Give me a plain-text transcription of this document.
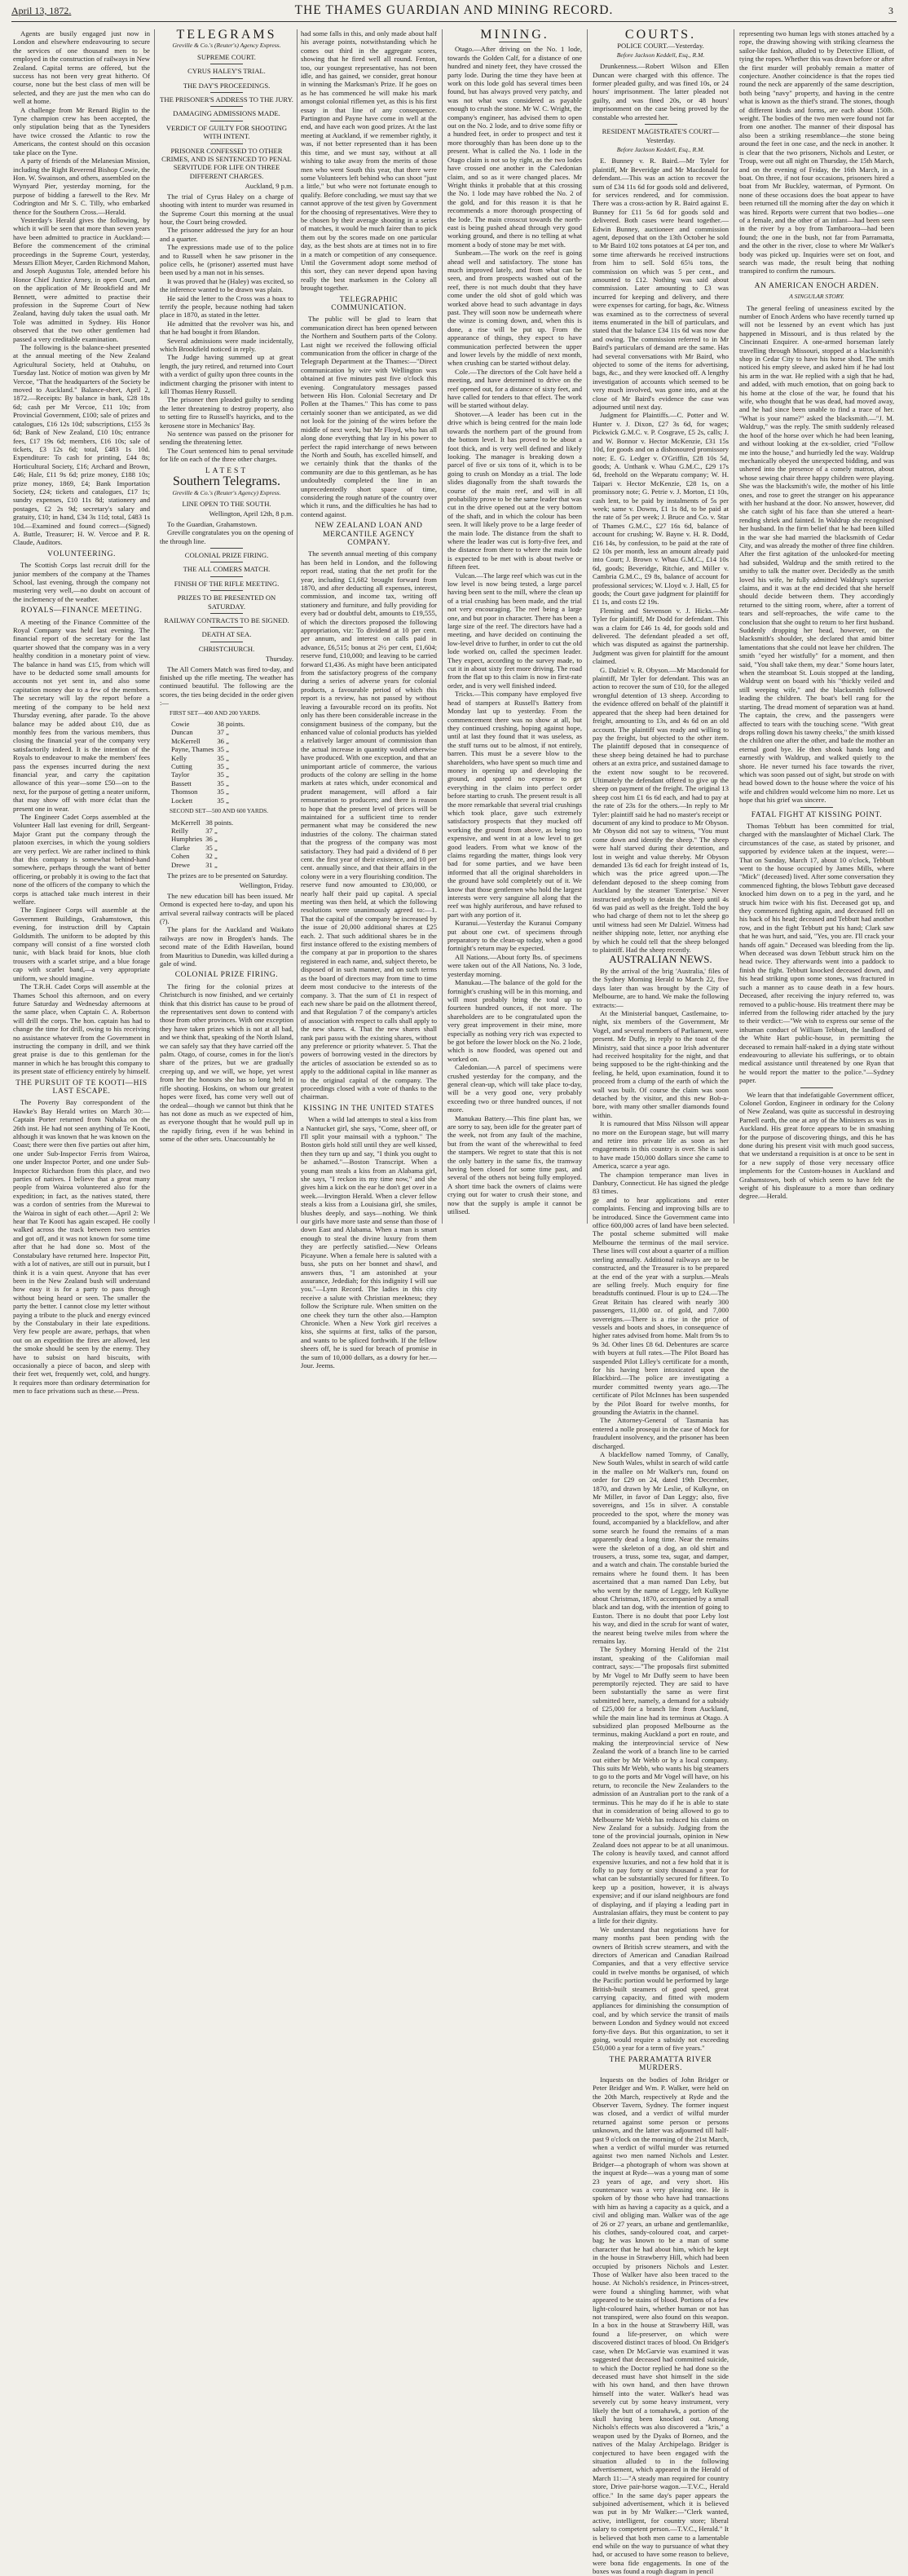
April 13, 1872.	THE THAMES GUARDIAN AND MINING RECORD.	3

Agents are busily engaged just now in London and elsewhere endeavouring to secure the services of one thousand men to be employed in the construction of railways in New Zealand. Capital terms are offered, but the success has not been very great hitherto. Of course, none but the best class of men will be selected, and they are just the men who can do well at home.

A challenge from Mr Renard Biglin to the Tyne champion crew has been accepted, the only stipulation being that as the Tynesiders have twice crossed the Atlantic to row the Americans, the contest should on this occasion take place on the Tyne.

A party of friends of the Melanesian Mission, including the Right Reverend Bishop Cowie, the Hon. W. Swainson, and others, assembled on the Wynyard Pier, yesterday morning, for the purpose of bidding a farewell to the Rev. Mr Codrington and Mr S. C. Tilly, who embarked thence for the Southern Cross.—Herald.

Yesterday's Herald gives the following, by which it will be seen that more than seven years have been admitted to practice in Auckland:—Before the commencement of the criminal proceedings in the Supreme Court, yesterday, Messrs Elliott Meyer, Carden Richmond Mahon, and Joseph Augustus Tole, attended before his Honor Chief Justice Arney, in open Court, and on the application of Mr Brookfield and Mr Bennett, were admitted to practise their profession in the Supreme Court of New Zealand, having duly taken the usual oath. Mr Tole was admitted in Sydney. His Honor observed that the two other gentlemen had passed a very creditable examination.

The following is the balance-sheet presented at the annual meeting of the New Zealand Agricultural Society, held at Otahuhu, on Tuesday last. Notice of motion was given by Mr Vercoe, "That the headquarters of the Society be moved to Auckland." Balance-sheet, April 2, 1872.—Receipts: By balance in bank, £28 18s 6d; cash per Mr Vercoe, £11 10s; from Provincial Government, £100; sale of prizes and catalogues, £16 12s 10d; subscriptions, £155 3s 6d; Bank of New Zealand, £10 10s; entrance fees, £17 19s 6d; members, £16 10s; sale of tickets, £3 12s 6d; total, £483 1s 10d. Expenditure: To cash for printing, £44 8s; Horticultural Society, £16; Archard and Brown, £46; Hale, £11 9s 6d; prize money, £188 10s; prize money, 1869, £4; Bank Importation Society, £24; tickets and catalogues, £17 1s; sundry expenses, £10 11s 8d; stationery and postages, £2 2s 9d; secretary's salary and gratuity, £10; in hand, £34 3s 11d; total, £483 1s 10d.—Examined and found correct—(Signed) A. Buttle, Treasurer; H. W. Vercoe and P. R. Claude, Auditors.

VOLUNTEERING.

The Scottish Corps last recruit drill for the junior members of the company at the Thames School, last evening, through the company not mustering very well,—no doubt on account of the inclemency of the weather.

ROYALS—FINANCE MEETING.

A meeting of the Finance Committee of the Royal Company was held last evening. The financial report of the secretary for the last quarter showed that the company was in a very healthy condition in a monetary point of view. The balance in hand was £15, from which will have to be deducted some small amounts for accounts not yet sent in, and also some capitation money due to a few of the members. The secretary will lay the report before a meeting of the company to be held next Thursday evening, after parade. To the above balance may be added about £10, due as monthly fees from the various members, thus closing the financial year of the company very satisfactorily indeed. It is the intention of the Royals to endeavour to make the members' fees pass the expenses incurred during the next financial year, and carry the capitation allowance of this year—some £50—on to the next, for the purpose of getting a neater uniform, that may show off with more éclat than the present one in wear.

The Engineer Cadet Corps assembled at the Volunteer Hall last evening for drill, Sergeant-Major Grant put the company through the platoon exercises, in which the young soldiers are very perfect. We are rather inclined to think that this company is somewhat behind-hand somewhere, perhaps through the want of better officering, or probably it is owing to the fact that none of the officers of the company to which the corps is attached take much interest in their welfare.

The Engineer Corps will assemble at the Government Buildings, Grahamstown, this evening, for instruction drill by Captain Goldsmith. The uniform to be adopted by this company will consist of a fine worsted cloth tunic, with black braid for knots, blue cloth trousers with a scarlet stripe, and a blue forage cap with scarlet band,—a very appropriate uniform, we should imagine.

The T.R.H. Cadet Corps will assemble at the Thames School this afternoon, and on every future Saturday and Wednesday afternoons at the same place, when Captain C. A. Robertson will drill the corps. The hon. captain has had to change the time for drill, owing to his receiving no assistance whatever from the Government in instructing the company in drill, and we think great praise is due to this gentleman for the manner in which he has brought this company to its present state of efficiency entirely by himself.

THE PURSUIT OF TE KOOTI—HIS LAST ESCAPE.

The Poverty Bay correspondent of the Hawke's Bay Herald writes on March 30:—Captain Porter returned from Nuhaka on the 26th inst. He had not seen anything of Te Kooti, although it was known that he was known on the Coast; there were then five parties out after him, one under Sub-Inspector Ferris from Wairoa, one under Inspector Porter, and one under Sub-Inspector Richardson from this place, and two parties of natives. I believe that a great many people from Wairoa volunteered also for the expedition; in fact, as the natives stated, there was a cordon of sentries from the Murewai to the Wairoa in sight of each other.—April 2: We hear that Te Kooti has again escaped. He coolly walked across the track between two sentries and got off, and it was not known for some time after that he had done so. Most of the Constabulary have returned here. Inspector Pitt, with a lot of natives, are still out in pursuit, but I think it is a vain quest. Anyone that has ever been in the New Zealand bush will understand how easy it is for a party to pass through without being heard or seen. The smaller the party the better. I cannot close my letter without paying a tribute to the pluck and energy evinced by the Constabulary in their late expeditions. Very few people are aware, perhaps, that when out on an expedition the fires are allowed, lest the smoke should be seen by the enemy. They have to subsist on hard biscuits, with occasionally a piece of bacon, and sleep with their feet wet, frequently wet, cold, and hungry. It requires more than ordinary determination for men to face privations such as these.—Press.

TELEGRAMS
Greville & Co.'s (Reuter's) Agency Express.
SUPREME COURT.
CYRUS HALEY'S TRIAL.
THE DAY'S PROCEEDINGS.
THE PRISONER'S ADDRESS TO THE JURY.
DAMAGING ADMISSIONS MADE.
VERDICT OF GUILTY FOR SHOOTING WITH INTENT.
PRISONER CONFESSED TO OTHER CRIMES, AND IS SENTENCED TO PENAL SERVITUDE FOR LIFE ON THREE DIFFERENT CHARGES.
Auckland, 9 p.m.

The trial of Cyrus Haley on a charge of shooting with intent to murder was resumed in the Supreme Court this morning at the usual hour, the Court being crowded.

The prisoner addressed the jury for an hour and a quarter.

The expressions made use of to the police and to Russell when he saw prisoner in the police cells, he (prisoner) asserted must have been used by a man not in his senses.

It was proved that he (Haley) was excited, so the inference wanted to be drawn was plain.

He said the letter to the Cross was a hoax to terrify the people, because nothing had taken place in 1870, as stated in the letter.

He admitted that the revolver was his, and that he had bought it from Blandon.

Several admissions were made incidentally, which Brookfield noticed in reply.

The Judge having summed up at great length, the jury retired, and returned into Court with a verdict of guilty upon three counts in the indictment charging the prisoner with intent to kill Thomas Henry Russell.

The prisoner then pleaded guilty to sending the letter threatening to destroy property, also to setting fire to Russell's hayricks, and to the kerosene store in Mechanics' Bay.

No sentence was passed on the prisoner for sending the threatening letter.

The Court sentenced him to penal servitude for life on each of the three other charges.

LATEST
Southern Telegrams.
Greville & Co.'s (Reuter's Agency) Express.
LINE OPEN TO THE SOUTH.
Wellington, April 12th, 8 p.m.

To the Guardian, Grahamstown.

Greville congratulates you on the opening of the through line.

COLONIAL PRIZE FIRING.
THE ALL COMERS MATCH.
FINISH OF THE RIFLE MEETING.
PRIZES TO BE PRESENTED ON SATURDAY.
RAILWAY CONTRACTS TO BE SIGNED.
DEATH AT SEA.
CHRISTCHURCH.
Thursday.

The All Comers Match was fired to-day, and finished up the rifle meeting. The weather has continued beautiful. The following are the scores, the ties being decided in the order given :—

FIRST SET—400 AND 200 YARDS.
Cowie	38 points.
Duncan	37 „
McKerrell	36 „
Payne, Thames	35 „
Kelly	35 „
Cutting	35 „
Taylor	35 „
Bassett	35 „
Thomson	35 „
Lockett	35 „
SECOND SET—500 AND 600 YARDS.
McKerrell	38 points.
Reilly	37 „
Humphries	36 „
Clarke	35 „
Cohen	32 „
Drewe	31 „

The prizes are to be presented on Saturday.

Wellington, Friday.

The new education bill has been issued. Mr Ormond is expected here to-day, and upon his arrival several railway contracts will be placed (?).

The plans for the Auckland and Waikato railways are now in Brogden's hands. The second mate of the Edith Haweilan, bound from Mauritius to Dunedin, was killed during a gale of wind.

COLONIAL PRIZE FIRING.

The firing for the colonial prizes at Christchurch is now finished, and we certainly think that this district has cause to be proud of the representatives sent down to contend with those from other provinces. With one exception they have taken prizes which is not at all bad, and we think that, speaking of the North Island, we can safely say that they have carried off the palm. Otago, of course, comes in for the lion's share of the prizes, but we are gradually creeping up, and we will, we hope, yet wrest from her the honours she has so long held in rifle shooting. Hoskins, on whom our greatest hopes were fixed, has come very well out of the ordeal—though we cannot but think that he has not done as much as we expected of him, as everyone thought that he would pull up in the rapidly firing, even if he was behind in some of the other sets. Unaccountably he

had some falls in this, and only made about half his average points, notwithstanding which he comes out third in the aggregate scores, showing that he fired well all round. Fenton, too, our youngest representative, has not been idle, and has gained, we consider, great honour in winning the Marksman's Prize. If he goes on as he has commenced he will make his mark amongst colonial riflemen yet, as this is his first essay in that line of any consequence. Partington and Payne have come in well at the end, and have each won good prizes. At the last meeting at Auckland, if we remember rightly, it was, if not better represented than it has been this time, and we must say, without at all wishing to take away from the merits of those men who went South this year, that there were some Volunteers left behind who can shoot "just a little," but who were not fortunate enough to qualify. Before concluding, we must say that we cannot approve of the test given by Government for the choosing of representatives. Were they to be chosen by their average shooting in a series of matches, it would be much fairer than to pick them out by the scores made on one particular day, as the best shots are at times not in to fire in a match or competition of any consequence. Until the Government adopt some method of this sort, they can never depend upon having really the best marksmen in the Colony all brought together.

TELEGRAPHIC COMMUNICATION.

The public will be glad to learn that communication direct has been opened between the Northern and Southern parts of the Colony. Last night we received the following official communication from the officer in charge of the Telegraph Department at the Thames:—"Direct communication by wire with Wellington was obtained at five minutes past five o'clock this evening. Congratulatory messages passed between His Hon. Colonial Secretary and Dr Pollen at the Thames." This has come to pass certainly sooner than we anticipated, as we did not look for the joining of the wires before the middle of next week, but Mr Floyd, who has all along done everything that lay in his power to perfect the rapid interchange of news between the North and South, has excelled himself, and we certainly think that the thanks of the community are due to this gentleman, as he has undoubtedly completed the line in an unprecedentedly short space of time, considering the rough nature of the country over which it runs, and the difficulties he has had to contend against.

NEW ZEALAND LOAN AND MERCANTILE AGENCY COMPANY.

The seventh annual meeting of this company has been held in London, and the following report read, stating that the net profit for the year, including £1,682 brought forward from 1870, and after deducting all expenses, interest, commission, and income tax, writing off stationery and furniture, and fully providing for every bad or doubtful debt, amounts to £19,555, of which the directors proposed the following appropriation, viz: To dividend at 10 per cent. per annum, and interest on calls paid in advance, £6,515; bonus at 2½ per cent, £1,604; reserve fund, £10,000; and leaving to be carried forward £1,436. As might have been anticipated from the satisfactory progress of the company during a series of adverse years for colonial products, a favourable period of which this report is a review, has not passed by without leaving a favourable record on its profits. Not only has there been considerable increase in the consignment business of the company, but the enhanced value of colonial products has yielded a relatively larger amount of commission than the actual increase in quantity would otherwise have produced. With one exception, and that an unimportant article of commerce, the various products of the colony are selling in the home markets at rates which, under economical and prudent management, will afford a fair remuneration to producers; and there is reason to hope that the present level of prices will be maintained for a sufficient time to render permanent what may be considered the new industries of the colony. The chairman stated that the progress of the company was most satisfactory. They had paid a dividend of 8 per cent. the first year of their existence, and 10 per cent. annually since, and that their affairs in the colony were in a very flourishing condition. The reserve fund now amounted to £30,000, or nearly half their paid up capital. A special meeting was then held, at which the following resolutions were unanimously agreed to:—1. That the capital of the company be increased by the issue of 20,000 additional shares at £25 each. 2. That such additional shares be in the first instance offered to the existing members of the company at par in proportion to the shares registered in each name, and, subject thereto, be disposed of in such manner, and on such terms as the board of directors may from time to time deem most conducive to the interests of the company. 3. That the sum of £1 in respect of each new share be paid on the allotment thereof, and that Regulation 7 of the company's articles of association with respect to calls shall apply to the new shares. 4. That the new shares shall rank pari passu with the existing shares, without any preference or priority whatever. 5. That the powers of borrowing vested in the directors by the articles of association be extended so as to apply to the additional capital in like manner as to the original capital of the company. The proceedings closed with a vote of thanks to the chairman.

KISSING IN THE UNITED STATES

When a wild lad attempts to steal a kiss from a Nantucket girl, she says, "Come, sheer off, or I'll split your mainsail with a typhoon." The Boston girls hold still until they are well kissed, then they turn up and say, "I think you ought to be ashamed."—Boston Transcript. When a young man steals a kiss from an Alabama girl, she says, "I reckon its my time now," and she gives him a kick on the ear he don't get over in a week.—Irvington Herald. When a clever fellow steals a kiss from a Louisiana girl, she smiles, blushes deeply, and says—nothing. We think our girls have more taste and sense than those of down East and Alabama. When a man is smart enough to steal the divine luxury from them they are perfectly satisfied.—New Orleans Picayune. When a female here is saluted with a buss, she puts on her bonnet and shawl, and answers thus, "I am astonished at your assurance, Jedediah; for this indignity I will sue you."—Lynn Record. The ladies in this city receive a salute with Christian meekness; they follow the Scripture rule. When smitten on the one cheek they turn the other also.—Hampton Chronicle. When a New York girl receives a kiss, she squirms at first, talks of the parson, and wants to be spliced forthwith. If the fellow sheers off, he is sued for breach of promise in the sum of 10,000 dollars, as a dowry for her.—Jour. Jeems.

MINING.

Otago.—After driving on the No. 1 lode, towards the Golden Calf, for a distance of one hundred and ninety feet, they have crossed the party lode. During the time they have been at work on this lode gold has several times been found, but has always proved very patchy, and was not what was considered as payable enough to crush the stone. Mr W. C. Wright, the company's engineer, has advised them to open out on the No. 2 lode, and to drive some fifty or a hundred feet, in order to prospect and test it more thoroughly than has been done up to the present. What is called the No. 1 lode in the Otago claim is not so by right, as the two lodes have crossed one another in the Caledonian claim, and so as it were changed places. Mr Wright thinks it probable that at this crossing the No. 1 lode may have robbed the No. 2 of the gold, and for this reason it is that he recommends a more thorough prospecting of the lode. The main crosscut towards the north-east is being pushed ahead through very good working ground, and there is no telling at what moment a body of stone may be met with.

Sunbeam.—The work on the reef is going ahead well and satisfactory. The stone has much improved lately, and from what can be seen, and from prospects washed out of the reef, there is not much doubt that they have come under the old shot of gold which was worked above head to such advantage in days past. They will soon now be underneath where the winze is coming down, and, when this is done, a rise will be put up. From the appearance of things, they expect to have communication perfected between the upper and lower levels by the middle of next month, when crushing can be started without delay.

Cole.—The directors of the Colt have held a meeting, and have determined to drive on the reef opened out, for a distance of sixty feet, and have called for tenders to that effect. The work will be started without delay.

Shotover.—A leader has been cut in the drive which is being centred for the main lode towards the northern part of the ground from the bottom level. It has proved to be about a foot thick, and is very well defined and likely looking. The manager is breaking down a parcel of five or six tons of it, which is to be going to crush on Monday as a trial. The lode slides diagonally from the shaft towards the course of the main reef, and will in all probability prove to be the same leader that was cut in the drive opened out at the very bottom of the shaft, and in which the colour has been seen. It will likely prove to be a large feeder of the main lode. The distance from the shaft to where the leader was cut is forty-five feet, and the distance from there to where the main lode is expected to be met with is about twelve or fifteen feet.

Vulcan.—The large reef which was cut in the low level is now being tested, a large parcel having been sent to the mill, where the clean up of a trial crushing has been made, and the trial not very encouraging. The reef being a large one, and but poor in character. There has been a large size of the reef. The directors have had a meeting, and have decided on continuing the low-level drive to further, in order to cut the old lode worked on, called the specimen leader. They expect, according to the survey made, to cut it in about sixty feet more driving. The road from the flat up to this claim is now in first-rate order, and is very well finished indeed.

Tricks.—This company have employed five head of stampers at Russell's Battery from Monday last up to yesterday. From the commencement there was no show at all, but they continued crushing, hoping against hope, until at last they found that it was useless, as the stuff turns out to be almost, if not entirely, barren. This must be a severe blow to the shareholders, who have spent so much time and money in opening up and developing the ground, and spared no expense to get everything in the claim into perfect order before starting to crush. The present result is all the more remarkable that several trial crushings which took place, gave such extremely satisfactory prospects that they mucked off working the ground from above, as being too expensive, and went in at a low level to get good leaders. From what we know of the claims regarding the matter, things look very bad for some parties, and we have been informed that all the original shareholders in the ground have sold completely out of it. We know that those gentlemen who hold the largest interests were very sanguine all along that the reef was highly auriferous, and have refused to part with any portion of it.

Kuranui.—Yesterday the Kuranui Company put about one cwt. of specimens through preparatory to the clean-up today, when a good fortnight's return may be expected.

All Nations.—About forty lbs. of specimens were taken out of the All Nations, No. 3 lode, yesterday morning.

Manukau.—The balance of the gold for the fortnight's crushing will be in this morning, and will most probably bring the total up to fourteen hundred ounces, if not more. The shareholders are to be congratulated upon the very great improvement in their mine, more especially as nothing very rich was expected to be got before the lower block on the No. 2 lode, which is now flooded, was opened out and worked on.

Caledonian.—A parcel of specimens were crushed yesterday for the company, and the general clean-up, which will take place to-day, will be a very good one, very probably exceeding two or three hundred ounces, if not more.

Manukau Battery.—This fine plant has, we are sorry to say, been idle for the greater part of the week, not from any fault of the machine, but from the want of the wherewithal to feed the stampers. We regret to state that this is not the only battery in the same fix, the tramway having been closed for some time past, and several of the others not being fully employed. A short time back the owners of claims were crying out for water to crush their stone, and now that the supply is ample it cannot be utilised.

COURTS.
POLICE COURT.—Yesterday.
Before Jackson Keddell, Esq., R.M.

Drunkenness.—Robert Wilson and Ellen Duncan were charged with this offence. The former pleaded guilty, and was fined 10s, or 24 hours' imprisonment. The latter pleaded not guilty, and was fined 20s, or 48 hours' imprisonment on the case being proved by the constable who arrested her.

RESIDENT MAGISTRATE'S COURT—
Yesterday.
Before Jackson Keddell, Esq., R.M.

E. Bunney v. R. Baird.—Mr Tyler for plaintiff, Mr Beveridge and Mr Macdonald for defendant.—This was an action to recover the sum of £34 11s 6d for goods sold and delivered, for services rendered, and for commission. There was a cross-action by R. Baird against E. Bunney for £11 5s 6d for goods sold and delivered. Both cases were heard together.—Edwin Bunney, auctioneer and commission agent, deposed that on the 13th October he sold to Mr Baird 102 tons potatoes at £4 per ton, and some time afterwards he received instructions from him to sell. Sold 65¾ tons, the commission on which was 5 per cent., and amounted to £12. Nothing was said about commission. Later amounting to £3 was incurred for keeping and delivery, and there were expenses for carting, for bags, &c. Witness was examined as to the correctness of several items enumerated in the bill of particulars, and stated that the balance £34 11s 6d was now due and owing. The commission referred to in Mr Baird's particulars of demand are the same. Has had several conversations with Mr Baird, who objected to some of the items for advertising, bags, &c., and they were knocked off. A lengthy investigation of accounts which seemed to be very much involved, was gone into, and at the close of Mr Baird's evidence the case was adjourned until next day.

Judgment for Plaintiffs.—C. Potter and W. Hunter v. J. Dixon, £27 3s 6d, for wages; Pickwick G.M.C. v. P. Cosgrave, £5 2s, calls; J. and W. Bonnor v. Hector McKenzie, £31 15s 10d, for goods and on a dishonoured promissory note; E. G. Ledger v. O'Griffin, £28 10s 5d, goods; A. Unthank v. Whau G.M.C., £29 17s 6d, freehold on the Weparatu company; W. H. Taipari v. Hector McKenzie, £28 1s, on a promissory note; G. Petrie v. J. Morton, £1 10s, cash lent, to be paid by instalments of 5s per week; same v. Downs, £1 1s 8d, to be paid at the rate of 5s per week; J. Bruce and Co. v. Star of Thames G.M.C., £27 16s 6d, balance of account for crushing; W. Bayne v. H. R. Dodd, £16 14s, by confession, to be paid at the rate of £2 10s per month, less an amount already paid into Court; J. Brown v. Whau G.M.C., £14 10s 6d, goods; Beveridge, Ritchie, and Miller v. Cambria G.M.C., £9 8s, balance of account for professional services; W. Lloyd v. J. Hall, £5 for goods; the Court gave judgment for plaintiff for £1 1s, and costs £2 19s.

Fleming and Stevenson v. J. Hicks.—Mr Tyler for plaintiff, Mr Dodd for defendant. This was a claim for £46 1s 4d, for goods sold and delivered. The defendant pleaded a set off, which was disputed as against the partnership. Judgment was given for plaintiff for the amount claimed.

G. Dalziel v. R. Obyson.—Mr Macdonald for plaintiff, Mr Tyler for defendant. This was an action to recover the sum of £10, for the alleged wrongful detention of 13 sheep. According to the evidence offered on behalf of the plaintiff it appeared that the sheep had been detained for freight, amounting to 13s, and 4s 6d on an old account. The plaintiff was ready and willing to pay the freight, but objected to the other item. The plaintiff deposed that in consequence of these sheep being detained he had to purchase others at an extra price, and sustained damage to the extent now sought to be recovered. Ultimately the defendant offered to give up the sheep on payment of the freight. The original 13 sheep cost him £1 6s 6d each, and had to pay at the rate of 23s for the others.—In reply to Mr Tyler: plaintiff said he had no master's receipt or document of any kind to produce to Mr Obyson. Mr Obyson did not say to witness, "You must come down and identify the sheep." The sheep were half starved during their detention, and lost in weight and value thereby. Mr Obyson demanded 13s 6d each for freight instead of 1s, which was the price agreed upon.—The defendant deposed to the sheep coming from Auckland by the steamer 'Enterprise.' Never instructed anybody to detain the sheep until 4s 6d was paid as well as the freight. Told the boy who had charge of them not to let the sheep go until witness had seen Mr Dalziel. Witness had neither shipping note, letter, nor anything else by which he could tell that the sheep belonged to plaintiff. Had the sheep recently.

AUSTRALIAN NEWS.

By the arrival of the brig 'Australia,' files of the Sydney Morning Herald to March 22, five days later than was brought by the City of Melbourne, are to hand. We make the following extracts:—

At the Ministerial banquet, Castlemaine, to-night, six members of the Government, Mr Vogel, and several members of Parliament, were present. Mr Duffy, in reply to the toast of the Ministry, said that since a poor Irish adventurer had received hospitality for the night, and that being supposed to be the right-thinking and the feeling, he held, upon examination, found it to proceed from a clump of the earth of which the wall was built. Of course the claim was soon detached by the visitor, and this new Bob-a-bore, with many other smaller diamonds found within.

It is rumoured that Miss Nilsson will appear no more on the European stage, but will marry and retire into private life as soon as her engagements in this country is over. She is said to have made 150,000 dollars since she came to America, scarce a year ago.

The champion temperance man lives in Danbury, Connecticut. He has signed the pledge 83 times.

ge and to hear applications and enter complaints. Fencing and improving bills are to be introduced. Since the Government came into office 600,000 acres of land have been selected. The postal scheme submitted will make Melbourne the terminus of the mail service. These lines will cost about a quarter of a million sterling annually. Additional railways are to be constructed, and the Treasurer is to be prepared at the end of the year with a surplus.—Meals are selling freely. Much enquiry for fine breadstuffs continued. Flour is up to £24.—The Great Britain has cleared with nearly 300 passengers, 11,000 oz. of gold, and 7,000 sovereigns.—There is a rise in the price of vessels and boots and shoes, in consequence of higher rates advised from home. Malt from 9s to 9s 3d. Other lines £8 6d. Debentures are scarce with buyers at full rates.—The Pilot Board has suspended Pilot Lilley's certificate for a month, for his having been intoxicated upon the Blackbird.—The police are investigating a murder committed twenty years ago.—The certificate of Pilot McInnes has been suspended by the Pilot Board for twelve months, for grounding the Aviatrix in the channel.

The Attorney-General of Tasmania has entered a nolle prosequi in the case of Mock for fraudulent insolvency, and the prisoner has been discharged.

A blackfellow named Tommy, of Canally, New South Wales, whilst in search of wild cattle in the mallee on Mr Walker's run, found on order for £29 on 24, dated 19th December, 1870, and drawn by Mr Leslie, of Kulkyne, on Mr Miller, in favor of Dan Leggy; also, five sovereigns, and 15s in silver. A constable proceeded to the spot, where the money was found, accompanied by a blackfellow, and after some search he found the remains of a man apparently dead a long time. Near the remains were the skeleton of a dog, an old shirt and trousers, a truss, some tea, sugar, and damper, and a watch and chain. The constable buried the remains where he found them. It has been ascertained that a man named Dan Leby, but who went by the name of Leggy, left Kulkyne about Christmas, 1870, accompanied by a small black and tan dog, with the intention of going to Euston. There is no doubt that poor Leby lost his way, and died in the scrub for want of water, the nearest being twelve miles from where the remains lay.

The Sydney Morning Herald of the 21st instant, speaking of the Californian mail contract, says:—"The proposals first submitted by Mr Vogel to Mr Duffy seem to have been peremptorily rejected. They are said to have been substantially the same as were first submitted here, namely, a demand for a subsidy of £25,000 for a branch line from Auckland, while the main line had its terminus at Otago. A subsidized plan proposed Melbourne as the terminus, making Auckland a port en route, and making the interprovincial service of New Zealand the work of a branch line to be carried out either by Mr Webb or by a local company. This suits Mr Webb, who wants his big steamers to go to the ports and Mr Vogel will have, on his return, to reconcile the New Zealanders to the admission of an Australian port to the rank of a terminus. This he may do if he is able to state that in consideration of being allowed to go to Melbourne Mr Webb has reduced his claims on New Zealand for a subsidy. Judging from the tone of the provincial journals, opinion in New Zealand does not appear to be at all unanimous. The colony is heavily taxed, and cannot afford expensive luxuries, and not a few hold that it is folly to pay forty or sixty thousand a year for what can be substantially secured for fifteen. To keep up a position, however, it is always expensive; and if our island neighbours are fond of displaying, and if playing a leading part in Australasian affairs, they must be content to pay a little for their dignity.

We understand that negotiations have for many months past been pending with the owners of British screw steamers, and with the directors of American and Canadian Railroad Companies, and that a very effective service could in twelve months be organised, of which the Pacific portion would be performed by large British-built steamers of good speed, great carrying capacity, and fitted with modern appliances for diminishing the consumption of coal, and by which service the transit of mails between London and Sydney would not exceed forty-five days. But this organization, to set it going, would require a subsidy not exceeding £50,000 a year for a term of five years."

THE PARRAMATTA RIVER MURDERS.

Inquests on the bodies of John Bridger or Peter Bridger and Wm. P. Walker, were held on the 20th March, respectively at Ryde and the Observer Tavern, Sydney. The former inquest was closed, and a verdict of wilful murder returned against some person or persons unknown, and the latter was adjourned till half-past 9 o'clock on the morning of the 21st March, when a verdict of wilful murder was returned against two men named Nichols and Lester. Bridger—a photograph of whom was shown at the inquest at Ryde—was a young man of some 23 years of age, and very short. His countenance was a very pleasing one. He is spoken of by those who have had transactions with him as having a capacity as a quick, and a civil and obliging man. Walker was of the age of 26 or 27 years, an urbane and gentlemanlike, his clothes, sandy-coloured coat, and carpet-bag; he was known to be a man of some character that he had about him, which he kept in the house in Strawberry Hill, which had been occupied by prisoners Nichols and Lester. Those of Walker have also been traced to the house. At Nichols's residence, in Princes-street, were found a shingling hammer, with what appeared to be stains of blood. Portions of a few light-coloured hairs, whether human or not has not transpired, were also found on this weapon. In a box in the house at Strawberry Hill, was found a life-preserver, on which were discovered distinct traces of blood. On Bridger's case, when Dr McGarvie was examined it was suggested that deceased had committed suicide, to which the Doctor replied he had done so the deceased must have shot himself in the side with his own hand, and then have thrown himself into the water. Walker's head was severely cut by some heavy instrument, very likely the butt of a tomahawk, a portion of the skull having been knocked out. Among Nichols's effects was also discovered a "kris," a weapon used by the Dyaks of Borneo, and the natives of the Malay Archipelago. Bridger is conjectured to have been engaged with the situation alluded to in the following advertisement, which appeared in the Herald of March 11:—"A steady man required for country store, Drive pair-horse wagon.—T.V.C., Herald office." In the same day's paper appears the subjoined advertisement, which it is believed was put in by Mr Walker:—"Clerk wanted, active, intelligent, for country store; liberal salary to competent person.—T.V.C., Herald." It is believed that both men came to a lamentable end while on the way to pursuance of what they had, or accused to have some reason to believe, were bona fide engagements. In one of the boxes was found a rough diagram in pencil

representing two human legs with stones attached by a rope, the drawing showing with striking clearness the sailor-like fashion, alluded to by Detective Elliott, of tying the ropes. Whether this was drawn before or after the first murder will probably remain a matter of conjecture. Another coincidence is that the ropes tied round the neck are apparently of the same description, both being "navy" property, and having in the centre what is known as the thief's strand. The stones, though of different kinds and forms, are each about 150lb. weight. The bodies of the two men were found not far from one another. The manner of their disposal has also been a striking resemblance—the stone being around the feet in one case, and the neck in another. It is clear that the two prisoners, Nichols and Lester, or Troup, were out all night on Thursday, the 15th March, and on the evening of Friday, the 16th March, in a boat. On three, if not four occasions, prisoners hired a boat from Mr Buckley, waterman, of Pyrmont. On none of these occasions does the boat appear to have been returned till the morning after the day on which it was hired. Reports were current that two bodies—one of a female, and the other of an infant—had been seen in the river by a boy from Tambaroora—had been found; the one in the bush, not far from Parramatta, and the other in the river, close to where Mr Walker's body was picked up. Inquiries were set on foot, and search was made, the result being that nothing transpired to confirm the rumours.

AN AMERICAN ENOCH ARDEN.
A SINGULAR STORY.

The general feeling of uneasiness excited by the number of Enoch Ardens who have recently turned up will not be lessened by an event which has just happened in Missouri, and is thus related by the Cincinnati Enquirer. A one-armed horseman lately travelling through Missouri, stopped at a blacksmith's shop in Cedar City to have his horse shod. The smith noticed his empty sleeve, and asked him if he had lost his arm in the war. He replied with a sigh that he had, and added, with much emotion, that on going back to his home at the close of the war, he found that his wife, who thought that he was dead, had moved away, and he had since been unable to find a trace of her. "What is your name?" asked the blacksmith.—"J. M. Waldrup," was the reply. The smith suddenly released the hoof of the horse over which he had been leaning, and without looking at the ex-soldier, cried "Follow me into the house," and hurriedly led the way. Waldrup mechanically obeyed the unexpected bidding, and was ushered into the presence of a comely matron, about whose sewing chair three happy children were playing. She was the blacksmith's wife, the mother of his little ones, and rose to greet the stranger on his appearance with her husband at the door. No answer, however, did she catch sight of his face than she uttered a heart-rending shriek and fainted. In Waldrup she recognised her husband. In the firm belief that he had been killed in the war she had married the blacksmith of Cedar City, and was already the mother of three fine children. After the first agitation of the unlooked-for meeting had subsided, Waldrup and the smith retired to the smithy to talk the matter over. Decidedly as the smith loved his wife, he fully admitted Waldrup's superior claims, and it was at the end decided that she herself should decide between them. They accordingly returned to the sitting room, where, after a torrent of tears and self-reproaches, the wife came to the conclusion that she ought to return to her first husband. Suddenly dropping her head, however, on the blacksmith's shoulder, she declared that amid bitter lamentations that she could not leave her children. The smith "eyed her wistfully" for a moment, and then said, "You shall take them, my dear." Some hours later, when the steamboat St. Louis stopped at the landing, Waldrup went on board with his "thickly veiled and still weeping wife," and the blacksmith followed leading the children. The boat's bell rang for the starting. The dread moment of separation was at hand. The captain, the crew, and the passengers were affected to tears with the touching scene. "With great drops rolling down his tawny cheeks," the smith kissed the children one after the other, and bade the mother an eternal good bye. He then shook hands long and earnestly with Waldrup, and walked quietly to the shore. He never turned his face towards the river, which was soon passed out of sight, but strode on with head bowed down to the house where the voice of his wife and children would welcome him no more. Let us hope that his grief was sincere.

FATAL FIGHT AT KISSING POINT.

Thomas Tebbutt has been committed for trial, charged with the manslaughter of Michael Clark. The circumstances of the case, as stated by prisoner, and supported by evidence taken at the inquest, were:—That on Sunday, March 17, about 10 o'clock, Tebbutt went to the house occupied by James Mills, where "Mick" (deceased) lived. After some conversation they commenced fighting, the blows Tebbutt gave deceased knocked him down on to a peg in the yard, and he struck him twice with his fist. Deceased got up, and they commenced fighting again, and deceased fell on his back of his head; deceased and Tebbutt had another row, and in the fight Tebbutt put his hand; Clark saw that he was hurt, and said, "Yes, you are. I'll crack your hands off again." Deceased was bleeding from the lip. When deceased was down Tebbutt struck him on the head twice. They afterwards went into a paddock to finish the fight. Tebbutt knocked deceased down, and his head striking upon some stones, was fractured in such a manner as to cause death in a few hours. Deceased, after receiving the injury referred to, was removed to a public-house. His treatment there may be inferred from the following rider attached by the jury to their verdict:—"We wish to express our sense of the inhuman conduct of William Tebbutt, the landlord of the White Hart public-house, in permitting the deceased to remain half-naked in a dying state without endeavouring to alleviate his sufferings, or to obtain medical assistance until threatened by one Ryan that he would report the matter to the police."—Sydney paper.

We learn that that indefatigable Government officer, Colonel Gordon, Engineer in ordinary for the Colony of New Zealand, was quite as successful in destroying Parnell earth, the one at any of the Ministers as was in Auckland. His great force appears to be in smashing for the purpose of discovering things, and this he has done during his present visit with much good success, that we understand a requisition is at once to be sent in for a new supply of those very necessary office implements for the Custom-houses in Auckland and Grahamstown, both of which seem to have felt the weight of his displeasure to a more than ordinary degree.—Herald.
